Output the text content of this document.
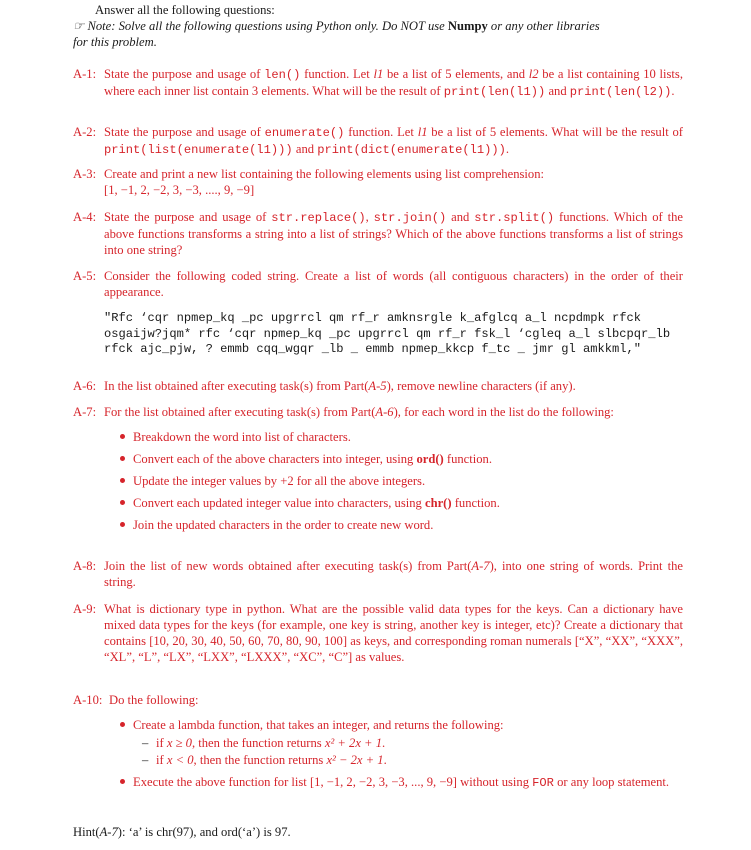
Answer all the following questions:
☞ Note: Solve all the following questions using Python only. Do NOT use Numpy or any other libraries
for this problem.
A-1: State the purpose and usage of len() function. Let l1 be a list of 5 elements, and l2 be a list containing 10 lists, where each inner list contain 3 elements. What will be the result of print(len(l1)) and print(len(l2)).
A-2: State the purpose and usage of enumerate() function. Let l1 be a list of 5 elements. What will be the result of print(list(enumerate(l1))) and print(dict(enumerate(l1))).
A-3: Create and print a new list containing the following elements using list comprehension:
[1, −1, 2, −2, 3, −3, ...., 9, −9]
A-4: State the purpose and usage of str.replace(), str.join() and str.split() functions. Which of the above functions transforms a string into a list of strings? Which of the above functions transforms a list of strings into one string?
A-5: Consider the following coded string. Create a list of words (all contiguous characters) in the order of their appearance.
"Rfc ‘cqr npmep_kq _pc upgrrcl qm rf_r amknsrgle k_afglcq a_l ncpdmpk rfck
osgaijw?jqm* rfc ‘cqr npmep_kq _pc upgrrcl qm rf_r fsk_l ‘cgleq a_l slbcpqr_lb
rfck ajc_pjw, ? emmb cqq_wgqr _lb _ emmb npmep_kkcp f_tc _ jmr gl amkkml,"
A-6: In the list obtained after executing task(s) from Part(A-5), remove newline characters (if any).
A-7: For the list obtained after executing task(s) from Part(A-6), for each word in the list do the following:
Breakdown the word into list of characters.
Convert each of the above characters into integer, using ord() function.
Update the integer values by +2 for all the above integers.
Convert each updated integer value into characters, using chr() function.
Join the updated characters in the order to create new word.
A-8: Join the list of new words obtained after executing task(s) from Part(A-7), into one string of words. Print the string.
A-9: What is dictionary type in python. What are the possible valid data types for the keys. Can a dictionary have mixed data types for the keys (for example, one key is string, another key is integer, etc)? Create a dictionary that contains [10, 20, 30, 40, 50, 60, 70, 80, 90, 100] as keys, and corresponding roman numerals [“X”, “XX”, “XXX”, “XL”, “L”, “LX”, “LXX”, “LXXX”, “XC”, “C”] as values.
A-10: Do the following:
Create a lambda function, that takes an integer, and returns the following:
– if x ≥ 0, then the function returns x² + 2x + 1.
– if x < 0, then the function returns x² − 2x + 1.
Execute the above function for list [1, −1, 2, −2, 3, −3, ..., 9, −9] without using FOR or any loop statement.
Hint(A-7): ‘a’ is chr(97), and ord(‘a’) is 97.
